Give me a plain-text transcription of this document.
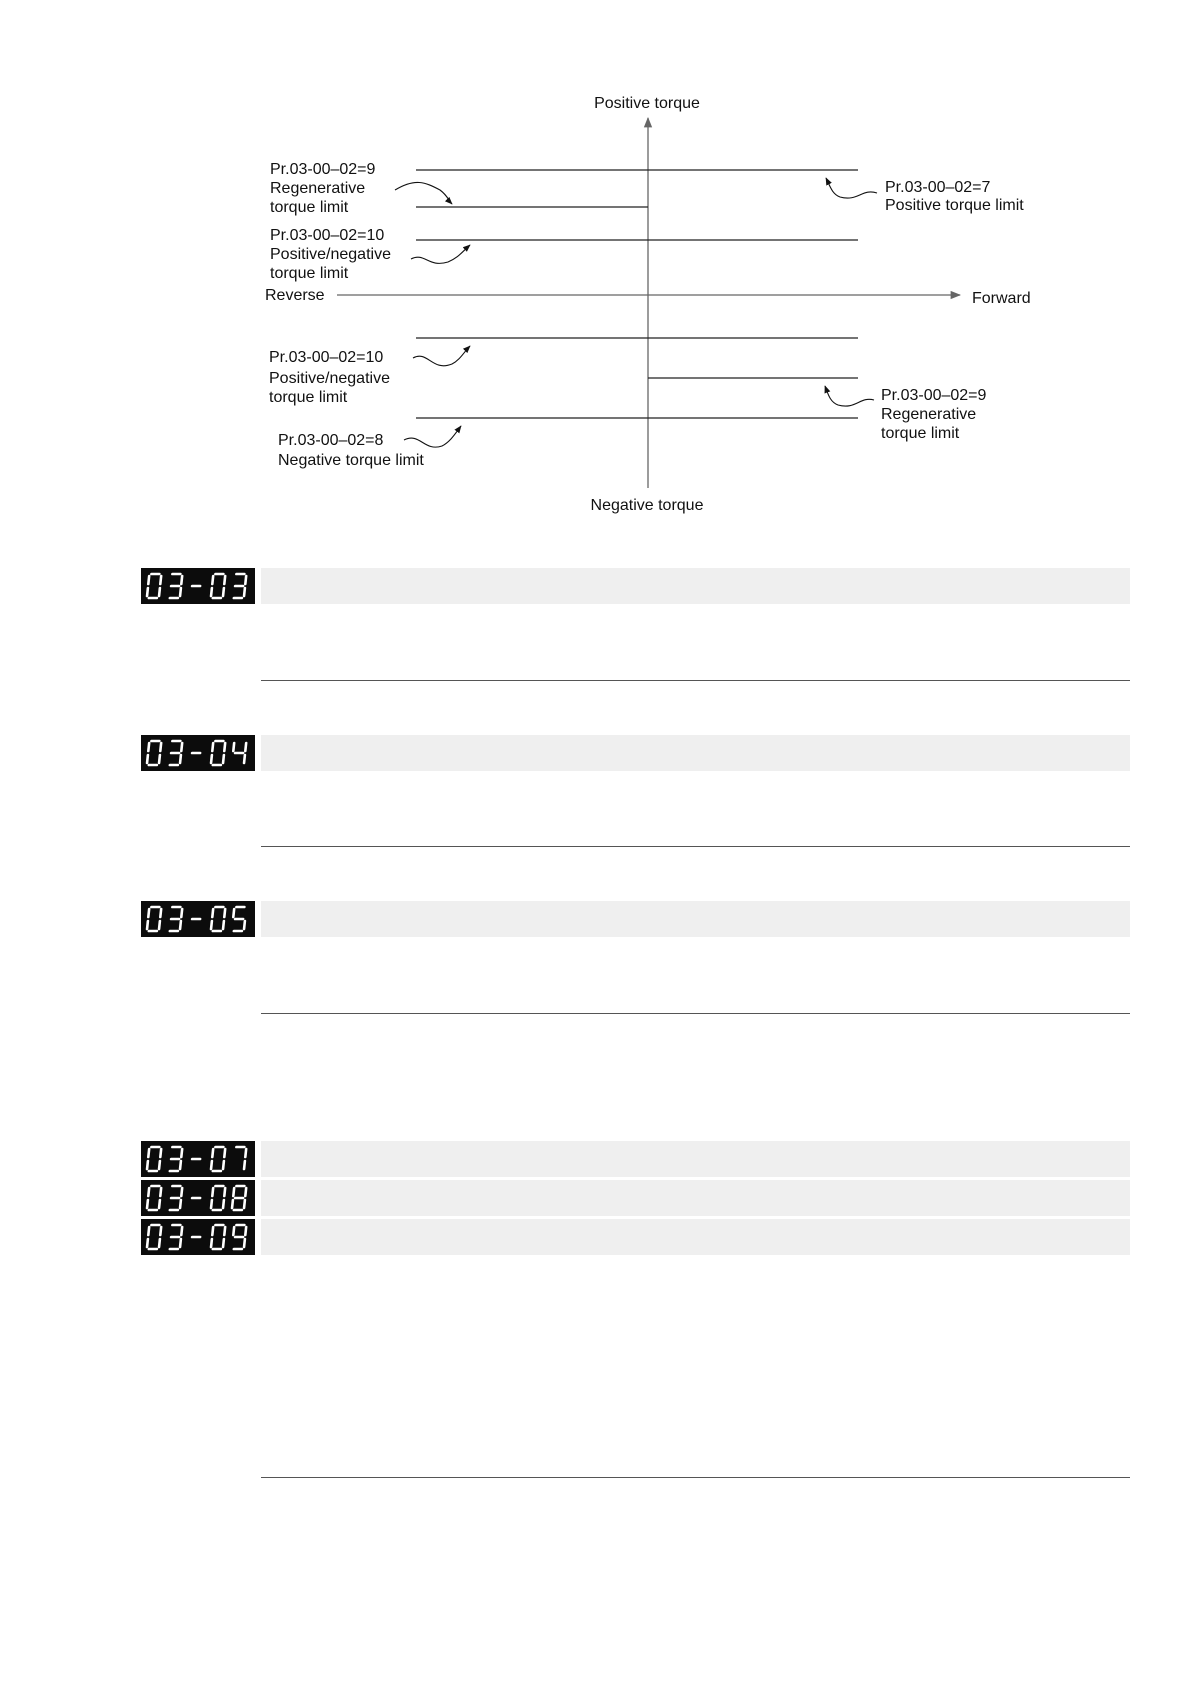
Positive torque
Negative torque
Reverse	Forward
Pr.03-00–02=9 Regenerative torque limit
Pr.03-00–02=10 Positive/negative torque limit
Pr.03-00–02=10 Positive/negative torque limit
Pr.03-00–02=8 Negative torque limit
Pr.03-00–02=7 Positive torque limit
Pr.03-00–02=9 Regenerative torque limit
